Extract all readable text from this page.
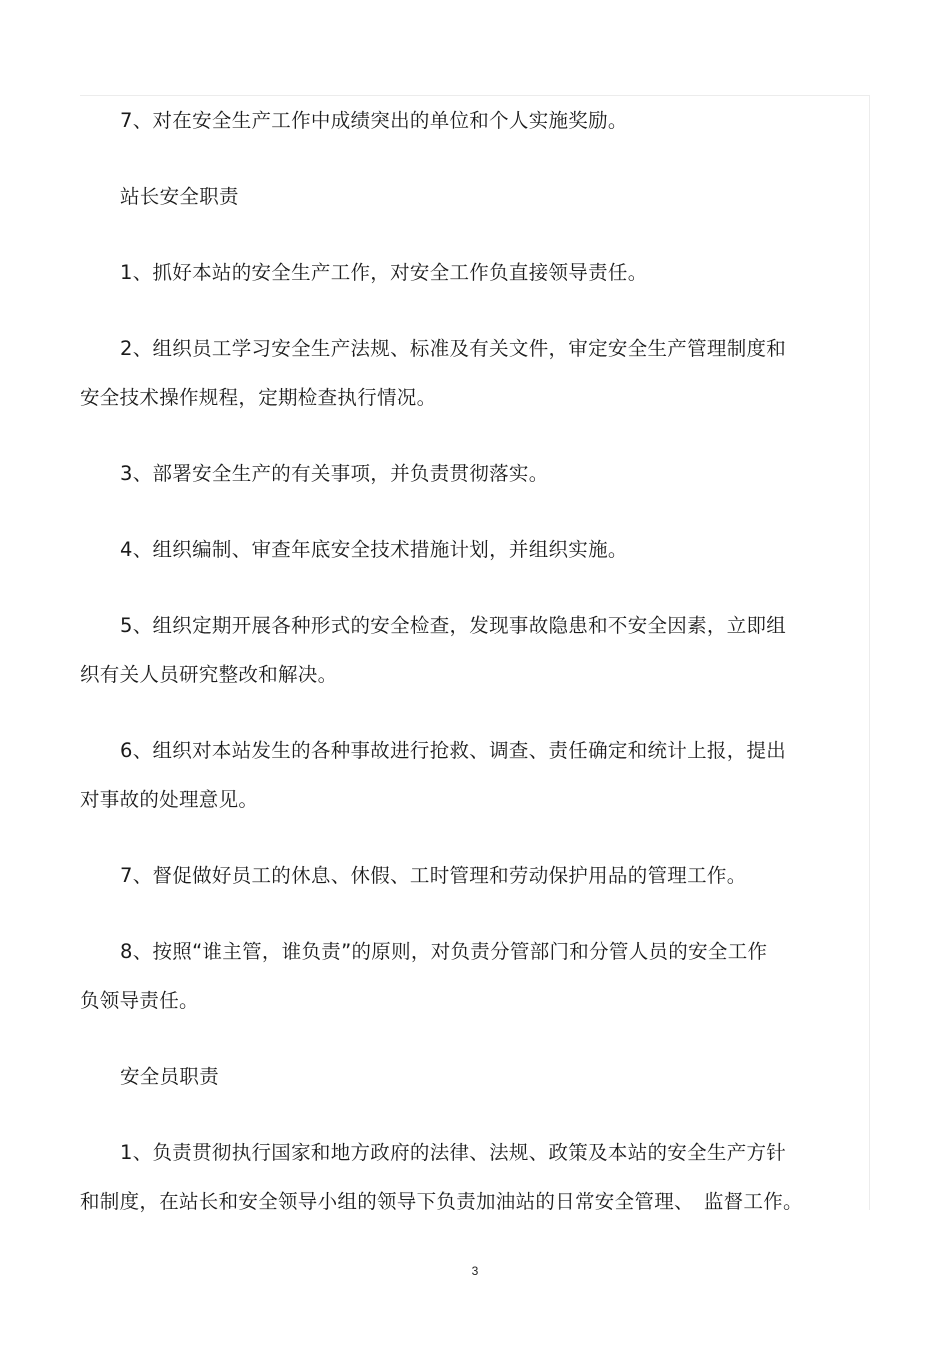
7、对在安全生产工作中成绩突出的单位和个人实施奖励。

站长安全职责

1、抓好本站的安全生产工作，对安全工作负直接领导责任。

2、组织员工学习安全生产法规、标准及有关文件，审定安全生产管理制度和
安全技术操作规程，定期检查执行情况。

3、部署安全生产的有关事项，并负责贯彻落实。

4、组织编制、审查年底安全技术措施计划，并组织实施。

5、组织定期开展各种形式的安全检查，发现事故隐患和不安全因素，立即组
织有关人员研究整改和解决。

6、组织对本站发生的各种事故进行抢救、调查、责任确定和统计上报，提出
对事故的处理意见。

7、督促做好员工的休息、休假、工时管理和劳动保护用品的管理工作。

8、按照“谁主管，谁负责”的原则，对负责分管部门和分管人员的安全工作
负领导责任。

安全员职责

1、负责贯彻执行国家和地方政府的法律、法规、政策及本站的安全生产方针
和制度，在站长和安全领导小组的领导下负责加油站的日常安全管理、　监督工作。

3
